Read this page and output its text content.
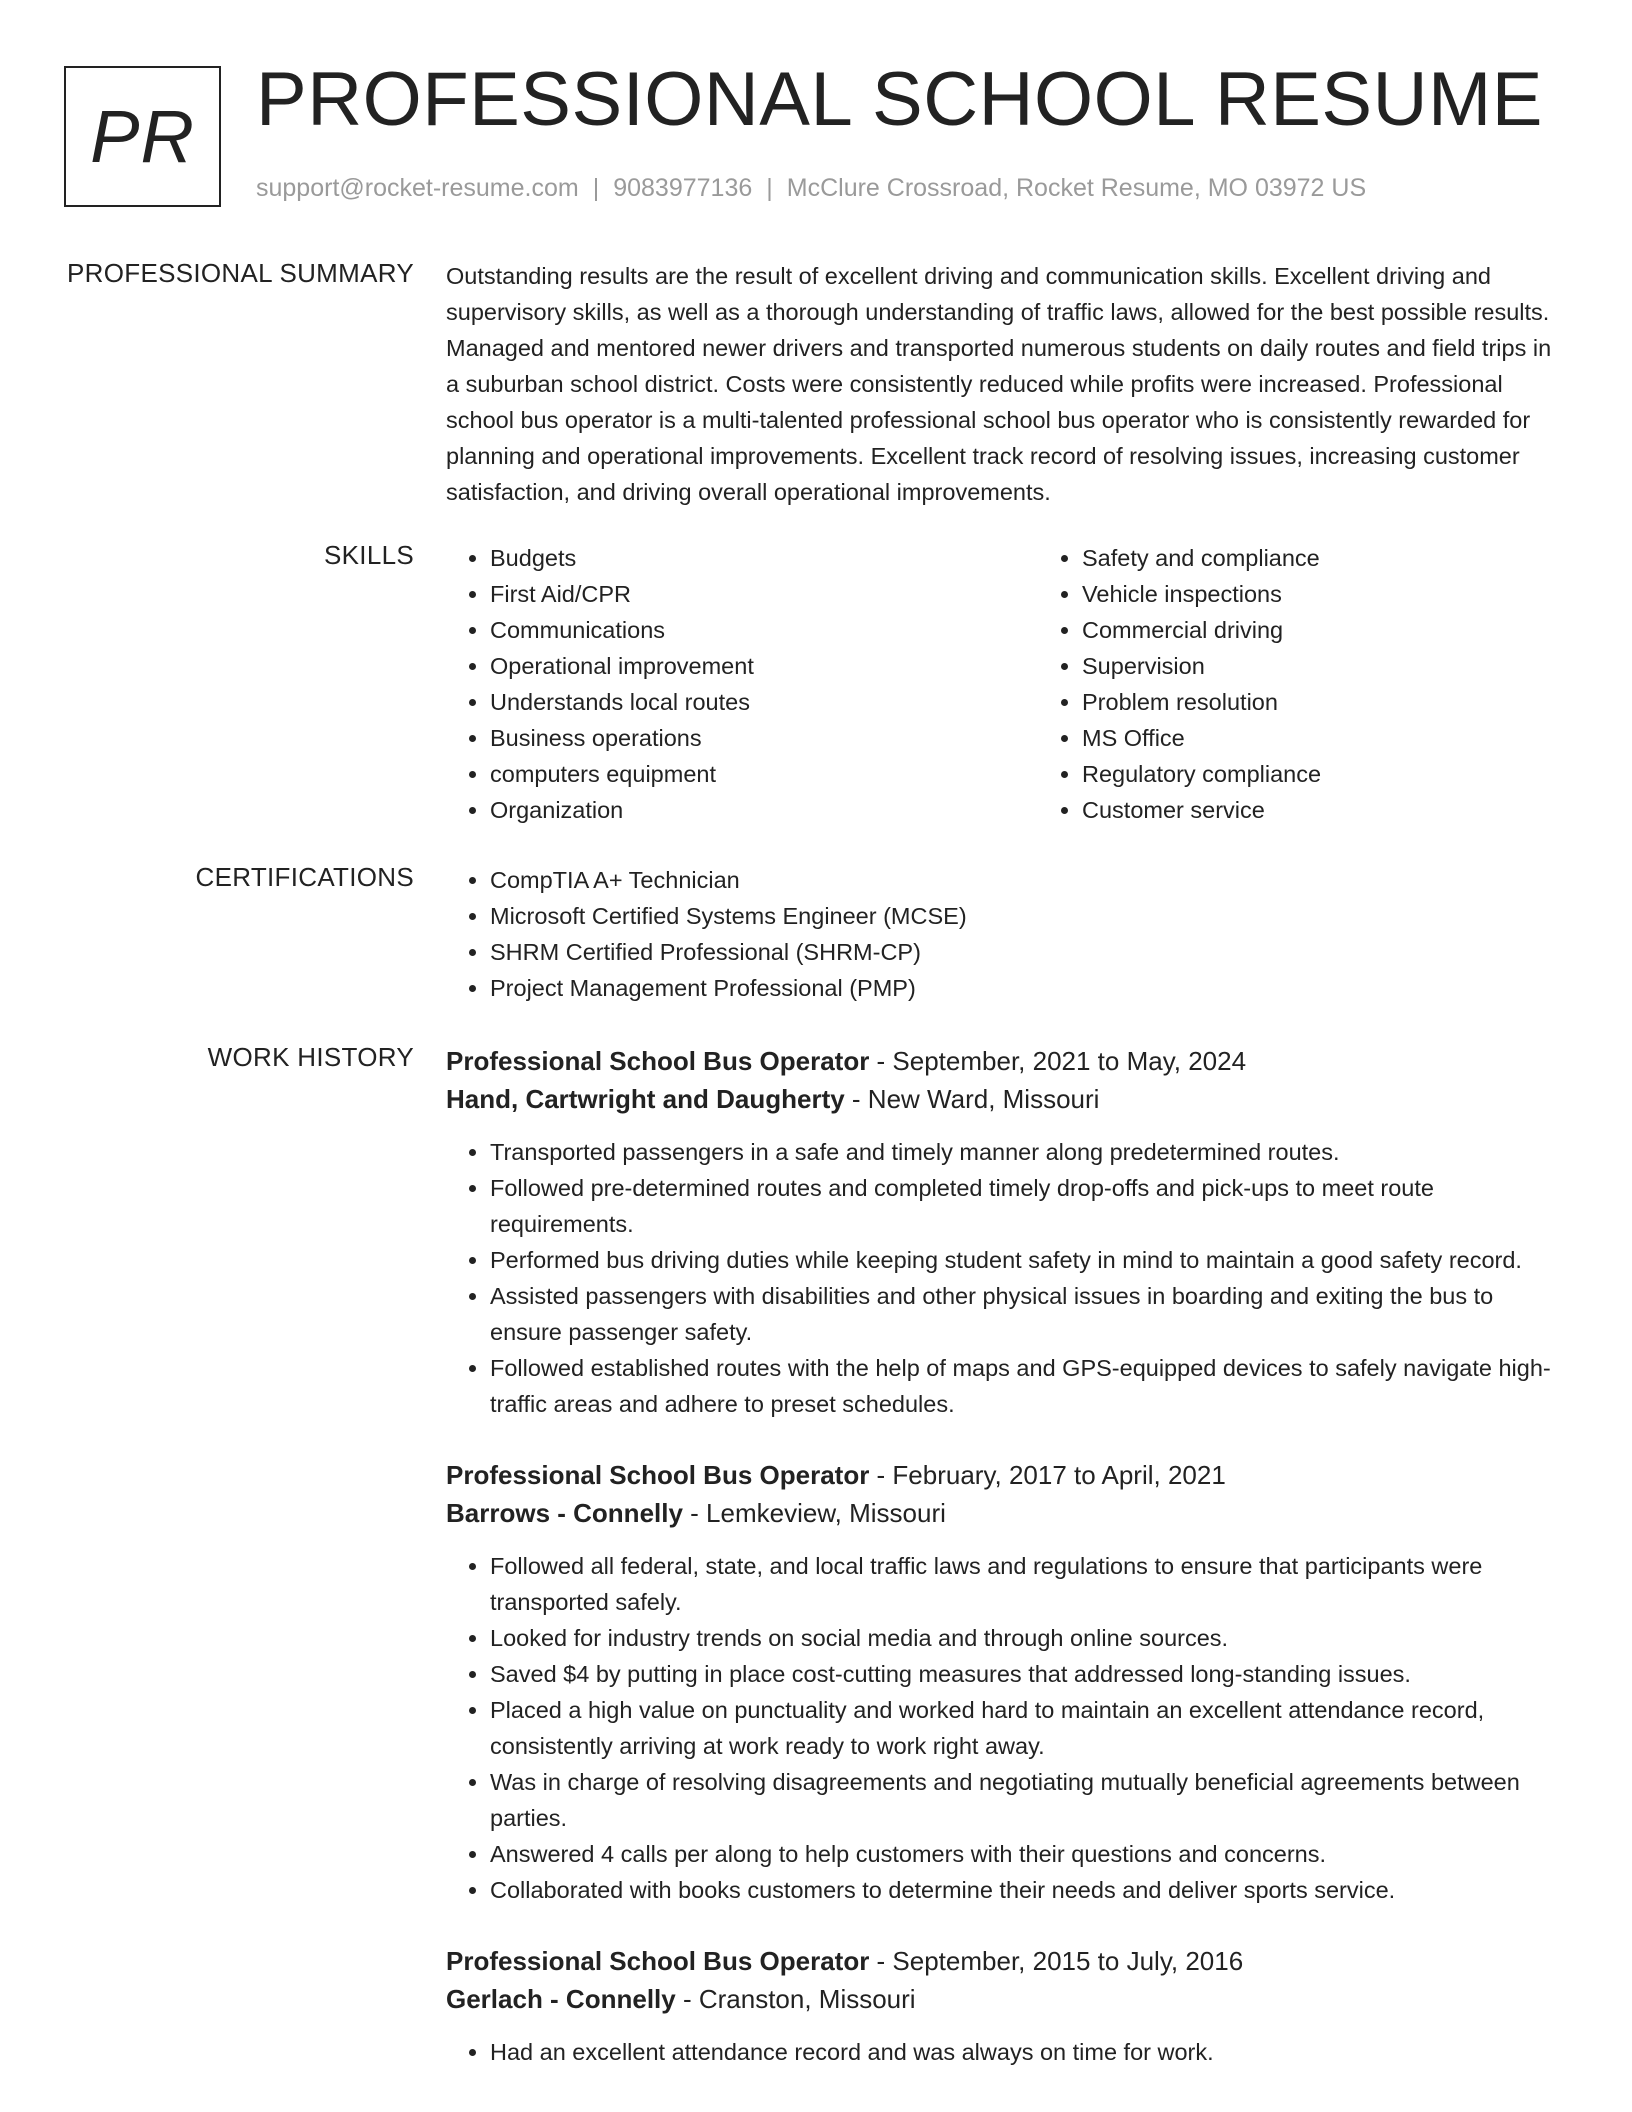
PR PROFESSIONAL SCHOOL RESUME
support@rocket-resume.com | 9083977136 | McClure Crossroad, Rocket Resume, MO 03972 US
PROFESSIONAL SUMMARY Outstanding results are the result of excellent driving and communication skills. Excellent driving and supervisory skills, as well as a thorough understanding of traffic laws, allowed for the best possible results. Managed and mentored newer drivers and transported numerous students on daily routes and field trips in a suburban school district. Costs were consistently reduced while profits were increased. Professional school bus operator is a multi-talented professional school bus operator who is consistently rewarded for planning and operational improvements. Excellent track record of resolving issues, increasing customer satisfaction, and driving overall operational improvements.

SKILLS	• Budgets
• First Aid/CPR
• Communications
• Operational improvement
• Understands local routes
• Business operations
• computers equipment
• Organization
• Safety and compliance
• Vehicle inspections
• Commercial driving
• Supervision
• Problem resolution
• MS Office
• Regulatory compliance
• Customer service
CERTIFICATIONS	• CompTIA A+ Technician
• Microsoft Certified Systems Engineer (MCSE)
• SHRM Certified Professional (SHRM-CP)
• Project Management Professional (PMP)
WORK HISTORY Professional School Bus Operator - September, 2021 to May, 2024
Hand, Cartwright and Daugherty - New Ward, Missouri
• Transported passengers in a safe and timely manner along predetermined routes.
• Followed pre-determined routes and completed timely drop-offs and pick-ups to meet route requirements.
• Performed bus driving duties while keeping student safety in mind to maintain a good safety record.
• Assisted passengers with disabilities and other physical issues in boarding and exiting the bus to ensure passenger safety.
• Followed established routes with the help of maps and GPS-equipped devices to safely navigate high-traffic areas and adhere to preset schedules.
Professional School Bus Operator - February, 2017 to April, 2021
Barrows - Connelly - Lemkeview, Missouri
• Followed all federal, state, and local traffic laws and regulations to ensure that participants were transported safely.
• Looked for industry trends on social media and through online sources.
• Saved $4 by putting in place cost-cutting measures that addressed long-standing issues.
• Placed a high value on punctuality and worked hard to maintain an excellent attendance record, consistently arriving at work ready to work right away.
• Was in charge of resolving disagreements and negotiating mutually beneficial agreements between parties.
• Answered 4 calls per along to help customers with their questions and concerns.
• Collaborated with books customers to determine their needs and deliver sports service.
Professional School Bus Operator - September, 2015 to July, 2016
Gerlach - Connelly - Cranston, Missouri
• Had an excellent attendance record and was always on time for work.
